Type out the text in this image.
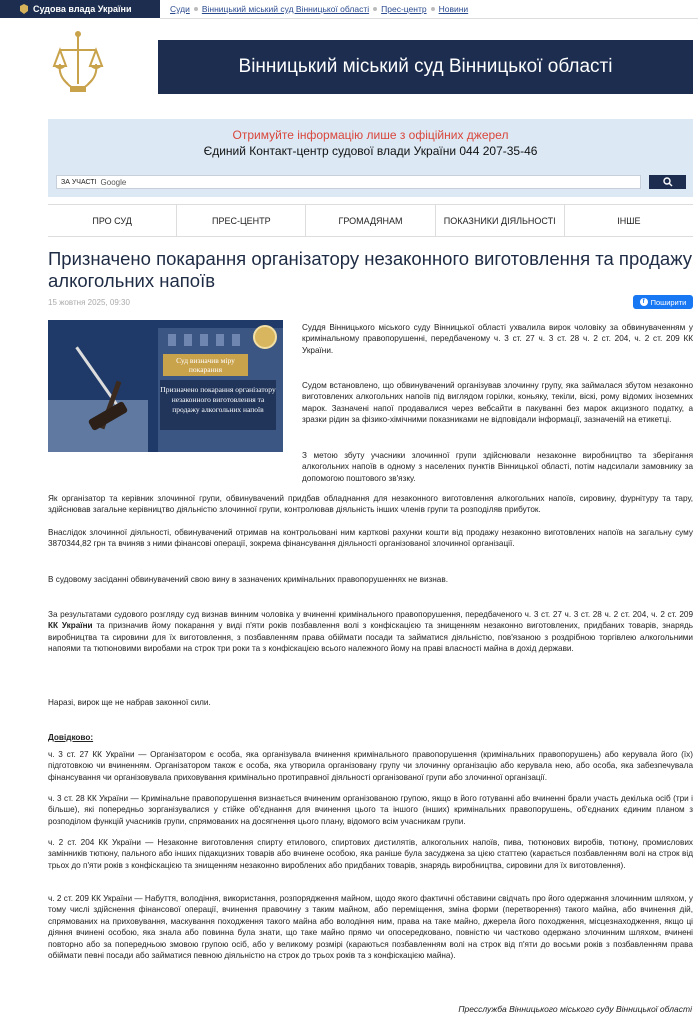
Судова влада України	Суди Вінницький міський суд Вінницької області Прес-центр Новини
Вінницький міський суд Вінницької області
Отримуйте інформацію лише з офіційних джерел
Єдиний Контакт-центр судової влади України 044 207-35-46
ЗА УЧАСТІ Google
ПРО СУД	ПРЕС-ЦЕНТР	ГРОМАДЯНАМ	ПОКАЗНИКИ ДІЯЛЬНОСТІ	ІНШЕ
Призначено покарання організатору незаконного виготовлення та продажу алкогольних напоїв
15 жовтня 2025, 09:30	f Поширити
Суд визначив міру покарання
Призначено покарання організатору незаконного виготовлення та продажу алкогольних напоїв

Суддя Вінницького міського суду Вінницької області ухвалила вирок чоловіку за обвинуваченням у кримінальному правопорушенні, передбаченому ч. 3 ст. 27 ч. 3 ст. 28 ч. 2 ст. 204, ч. 2 ст. 209 КК України.

Судом встановлено, що обвинувачений організував злочинну групу, яка займалася збутом незаконно виготовлених алкогольних напоїв під виглядом горілки, коньяку, текіли, віскі, рому відомих іноземних марок. Зазначені напої продавалися через вебсайти в пакуванні без марок акцизного податку, а зразки рідин за фізико-хімічними показниками не відповідали інформації, зазначеній на етикетці.

З метою збуту учасники злочинної групи здійснювали незаконне виробництво та зберігання алкогольних напоїв в одному з населених пунктів Вінницької області, потім надсилали замовнику за допомогою поштового зв'язку.

Як організатор та керівник злочинної групи, обвинувачений придбав обладнання для незаконного виготовлення алкогольних напоїв, сировину, фурнітуру та тару, здійснював загальне керівництво діяльністю злочинної групи, контролював діяльність інших членів групи та розподіляв прибуток.

Внаслідок злочинної діяльності, обвинувачений отримав на контрольовані ним картковi рахунки кошти від продажу незаконно виготовлених напоїв на загальну суму 3870344,82 грн та вчиняв з ними фінансові операції, зокрема фінансування діяльності організованої злочинної організації.

В судовому засіданні обвинувачений свою вину в зазначених кримінальних правопорушеннях не визнав.

За результатами судового розгляду суд визнав винним чоловіка у вчиненні кримінального правопорушення, передбаченого ч. 3 ст. 27 ч. 3 ст. 28 ч. 2 ст. 204, ч. 2 ст. 209 КК України та призначив йому покарання у виді п'яти років позбавлення волі з конфіскацією та знищенням незаконно виготовлених, придбаних товарів, знарядь виробництва та сировини для їх виготовлення, з позбавленням права обіймати посади та займатися діяльністю, пов'язаною з роздрібною торгівлею алкогольними напоями та тютюновими виробами на строк три роки та з конфіскацією всього належного йому на праві власності майна в дохід держави.

Наразі, вирок ще не набрав законної сили.

Довідково:

ч. 3 ст. 27 КК України — Організатором є особа, яка організувала вчинення кримінального правопорушення (кримінальних правопорушень) або керувала його (їх) підготовкою чи вчиненням. Організатором також є особа, яка утворила організовану групу чи злочинну організацію або керувала нею, або особа, яка забезпечувала фінансування чи організовувала приховування кримінально протиправної діяльності організованої групи або злочинної організації.

ч. 3 ст. 28 КК України — Кримінальне правопорушення визнається вчиненим організованою групою, якщо в його готуванні або вчиненні брали участь декілька осіб (три і більше), які попередньо зорганізувалися у стійке об'єднання для вчинення цього та іншого (інших) кримінальних правопорушень, об'єднаних єдиним планом з розподілом функцій учасників групи, спрямованих на досягнення цього плану, відомого всім учасникам групи.

ч. 2 ст. 204 КК України — Незаконне виготовлення спирту етилового, спиртових дистилятів, алкогольних напоїв, пива, тютюнових виробів, тютюну, промислових замінників тютюну, пального або інших підакцизних товарів або вчинене особою, яка раніше була засуджена за цією статтею (карається позбавленням волі на строк від трьох до п'яти років з конфіскацією та знищенням незаконно вироблених або придбаних товарів, знарядь виробництва, сировини для їх виготовлення).

ч. 2 ст. 209 КК України — Набуття, володіння, використання, розпорядження майном, щодо якого фактичні обставини свідчать про його одержання злочинним шляхом, у тому числі здійснення фінансової операції, вчинення правочину з таким майном, або переміщення, зміна форми (перетворення) такого майна, або вчинення дій, спрямованих на приховування, маскування походження такого майна або володіння ним, права на таке майно, джерела його походження, місцезнаходження, якщо ці діяння вчинені особою, яка знала або повинна була знати, що таке майно прямо чи опосередковано, повністю чи частково одержано злочинним шляхом, вчинені повторно або за попередньою змовою групою осіб, або у великому розмірі (караються позбавленням волі на строк від п'яти до восьми років з позбавленням права обіймати певні посади або займатися певною діяльністю на строк до трьох років та з конфіскацією майна).

Пресслужба Вінницького міського суду Вінницької області
